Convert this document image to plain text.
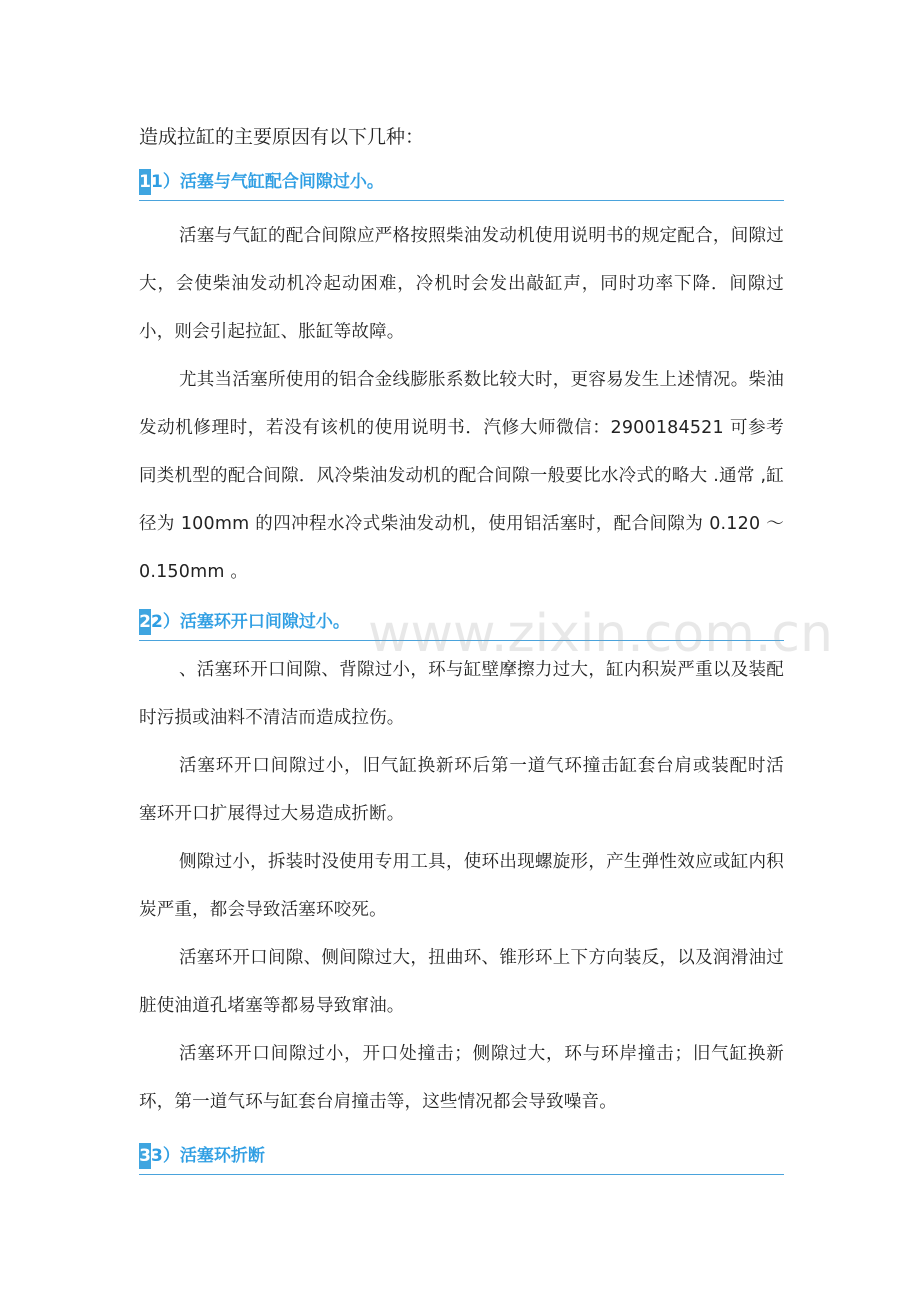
造成拉缸的主要原因有以下几种：
1 1）活塞与气缸配合间隙过小。
活塞与气缸的配合间隙应严格按照柴油发动机使用说明书的规定配合，间隙过大，会使柴油发动机冷起动困难，冷机时会发出敲缸声，同时功率下降．间隙过小，则会引起拉缸、胀缸等故障。
尤其当活塞所使用的铝合金线膨胀系数比较大时，更容易发生上述情况。柴油发动机修理时，若没有该机的使用说明书．汽修大师微信：2900184521 可参考同类机型的配合间隙．风冷柴油发动机的配合间隙一般要比水冷式的略大 .通常 ,缸径为 100mm 的四冲程水冷式柴油发动机，使用铝活塞时，配合间隙为 0.120 ～0.150mm 。
2 2）活塞环开口间隙过小。
、活塞环开口间隙、背隙过小，环与缸壁摩擦力过大，缸内积炭严重以及装配时污损或油料不清洁而造成拉伤。
活塞环开口间隙过小，旧气缸换新环后第一道气环撞击缸套台肩或装配时活 塞环开口扩展得过大易造成折断。
侧隙过小，拆装时没使用专用工具，使环出现螺旋形，产生弹性效应或缸内积炭严重，都会导致活塞环咬死。
活塞环开口间隙、侧间隙过大，扭曲环、锥形环上下方向装反，以及润滑油过脏使油道孔堵塞等都易导致窜油。
活塞环开口间隙过小，开口处撞击；侧隙过大，环与环岸撞击；旧气缸换新环，第一道气环与缸套台肩撞击等，这些情况都会导致噪音。
3 3）活塞环折断
www.zixin.com.cn
